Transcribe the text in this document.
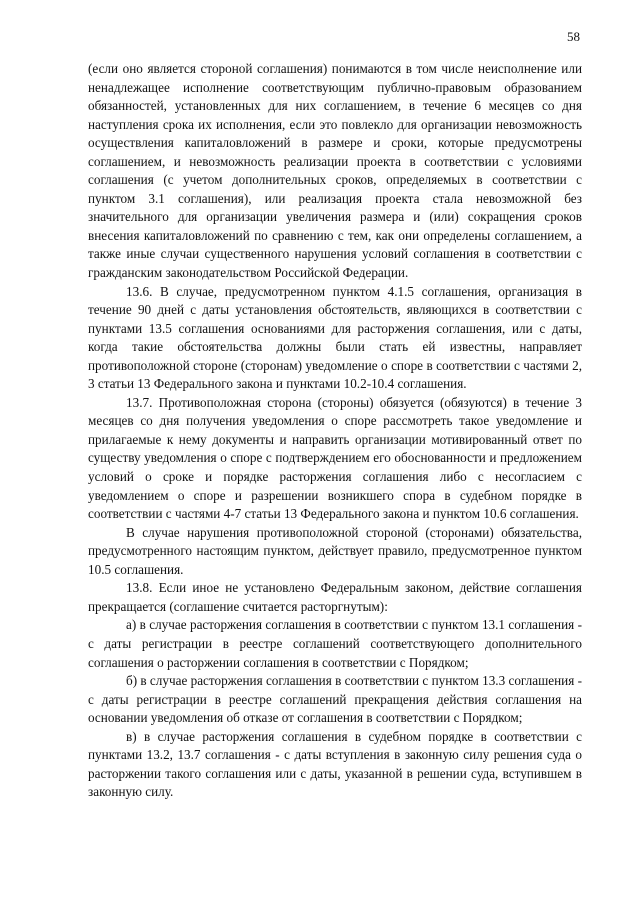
58

(если оно является стороной соглашения) понимаются в том числе неисполнение или ненадлежащее исполнение соответствующим публично-правовым образованием обязанностей, установленных для них соглашением, в течение 6 месяцев со дня наступления срока их исполнения, если это повлекло для организации невозможность осуществления капиталовложений в размере и сроки, которые предусмотрены соглашением, и невозможность реализации проекта в соответствии с условиями соглашения (с учетом дополнительных сроков, определяемых в соответствии с пунктом 3.1 соглашения), или реализация проекта стала невозможной без значительного для организации увеличения размера и (или) сокращения сроков внесения капиталовложений по сравнению с тем, как они определены соглашением, а также иные случаи существенного нарушения условий соглашения в соответствии с гражданским законодательством Российской Федерации.

13.6. В случае, предусмотренном пунктом 4.1.5 соглашения, организация в течение 90 дней с даты установления обстоятельств, являющихся в соответствии с пунктами 13.5 соглашения основаниями для расторжения соглашения, или с даты, когда такие обстоятельства должны были стать ей известны, направляет противоположной стороне (сторонам) уведомление о споре в соответствии с частями 2, 3 статьи 13 Федерального закона и пунктами 10.2-10.4 соглашения.

13.7. Противоположная сторона (стороны) обязуется (обязуются) в течение 3 месяцев со дня получения уведомления о споре рассмотреть такое уведомление и прилагаемые к нему документы и направить организации мотивированный ответ по существу уведомления о споре с подтверждением его обоснованности и предложением условий о сроке и порядке расторжения соглашения либо с несогласием с уведомлением о споре и разрешении возникшего спора в судебном порядке в соответствии с частями 4-7 статьи 13 Федерального закона и пунктом 10.6 соглашения.

В случае нарушения противоположной стороной (сторонами) обязательства, предусмотренного настоящим пунктом, действует правило, предусмотренное пунктом 10.5 соглашения.

13.8. Если иное не установлено Федеральным законом, действие соглашения прекращается (соглашение считается расторгнутым):

а) в случае расторжения соглашения в соответствии с пунктом 13.1 соглашения - с даты регистрации в реестре соглашений соответствующего дополнительного соглашения о расторжении соглашения в соответствии с Порядком;

б) в случае расторжения соглашения в соответствии с пунктом 13.3 соглашения - с даты регистрации в реестре соглашений прекращения действия соглашения на основании уведомления об отказе от соглашения в соответствии с Порядком;

в) в случае расторжения соглашения в судебном порядке в соответствии с пунктами 13.2, 13.7 соглашения - с даты вступления в законную силу решения суда о расторжении такого соглашения или с даты, указанной в решении суда, вступившем в законную силу.
